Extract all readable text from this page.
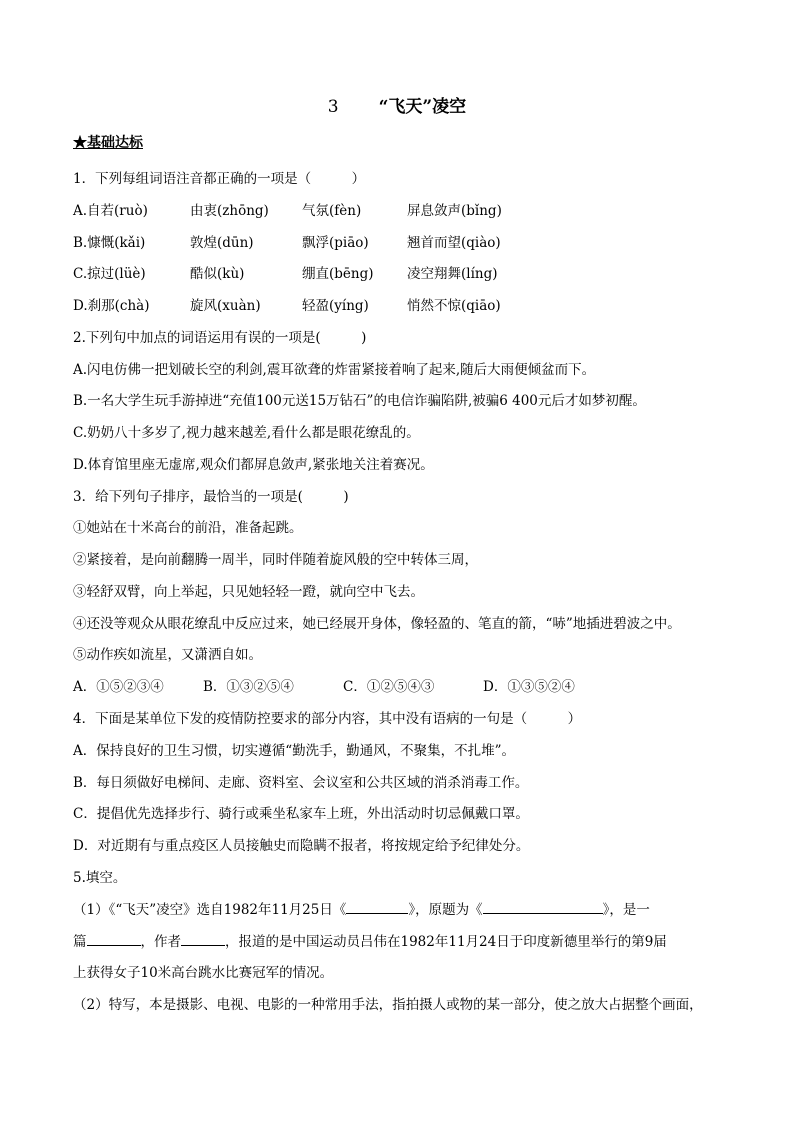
3 “飞天”凌空
★基础达标
1．下列每组词语注音都正确的一项是（　　　）
A.自若(ruò)	由衷(zhōng) 气氛(fèn)	屏息敛声(bǐng)
B.慷慨(kǎi)	敦煌(dūn)	飘浮(piāo)	翘首而望(qiào)
C.掠过(lüè)	酷似(kù)	绷直(bēng) 凌空翔舞(líng)
D.刹那(chà)	旋风(xuàn)	轻盈(yíng)	悄然不惊(qiāo)
2.下列句中加点的词语运用有误的一项是(　　　)
A.闪电仿佛一把划破长空的利剑,震耳欲聋的炸雷紧接着响了起来,随后大雨便倾盆而下。
B.一名大学生玩手游掉进“充值100元送15万钻石”的电信诈骗陷阱,被骗6 400元后才如梦初醒。
C.奶奶八十多岁了,视力越来越差,看什么都是眼花缭乱的。
D.体育馆里座无虚席,观众们都屏息敛声,紧张地关注着赛况。
3．给下列句子排序，最恰当的一项是(　　　)
①她站在十米高台的前沿，准备起跳。
②紧接着，是向前翻腾一周半，同时伴随着旋风般的空中转体三周，
③轻舒双臂，向上举起，只见她轻轻一蹬，就向空中飞去。
④还没等观众从眼花缭乱中反应过来，她已经展开身体，像轻盈的、笔直的箭，“哧”地插进碧波之中。
⑤动作疾如流星，又潇洒自如。
A．①⑤②③④	B．①③②⑤④	C．①②⑤④③	D．①③⑤②④
4．下面是某单位下发的疫情防控要求的部分内容，其中没有语病的一句是（　　　）
A．保持良好的卫生习惯，切实遵循“勤洗手，勤通风，不聚集，不扎堆”。
B．每日须做好电梯间、走廊、资料室、会议室和公共区域的消杀消毒工作。
C．提倡优先选择步行、骑行或乘坐私家车上班，外出活动时切忌佩戴口罩。
D．对近期有与重点疫区人员接触史而隐瞒不报者，将按规定给予纪律处分。
5.填空。
（1）《“飞天”凌空》选自1982年11月25日《	》，原题为《	》，是一
篇	，作者	，报道的是中国运动员吕伟在1982年11月24日于印度新德里举行的第9届
上获得女子10米高台跳水比赛冠军的情况。
（2）特写，本是摄影、电视、电影的一种常用手法，指拍摄人或物的某一部分，使之放大占据整个画面，
